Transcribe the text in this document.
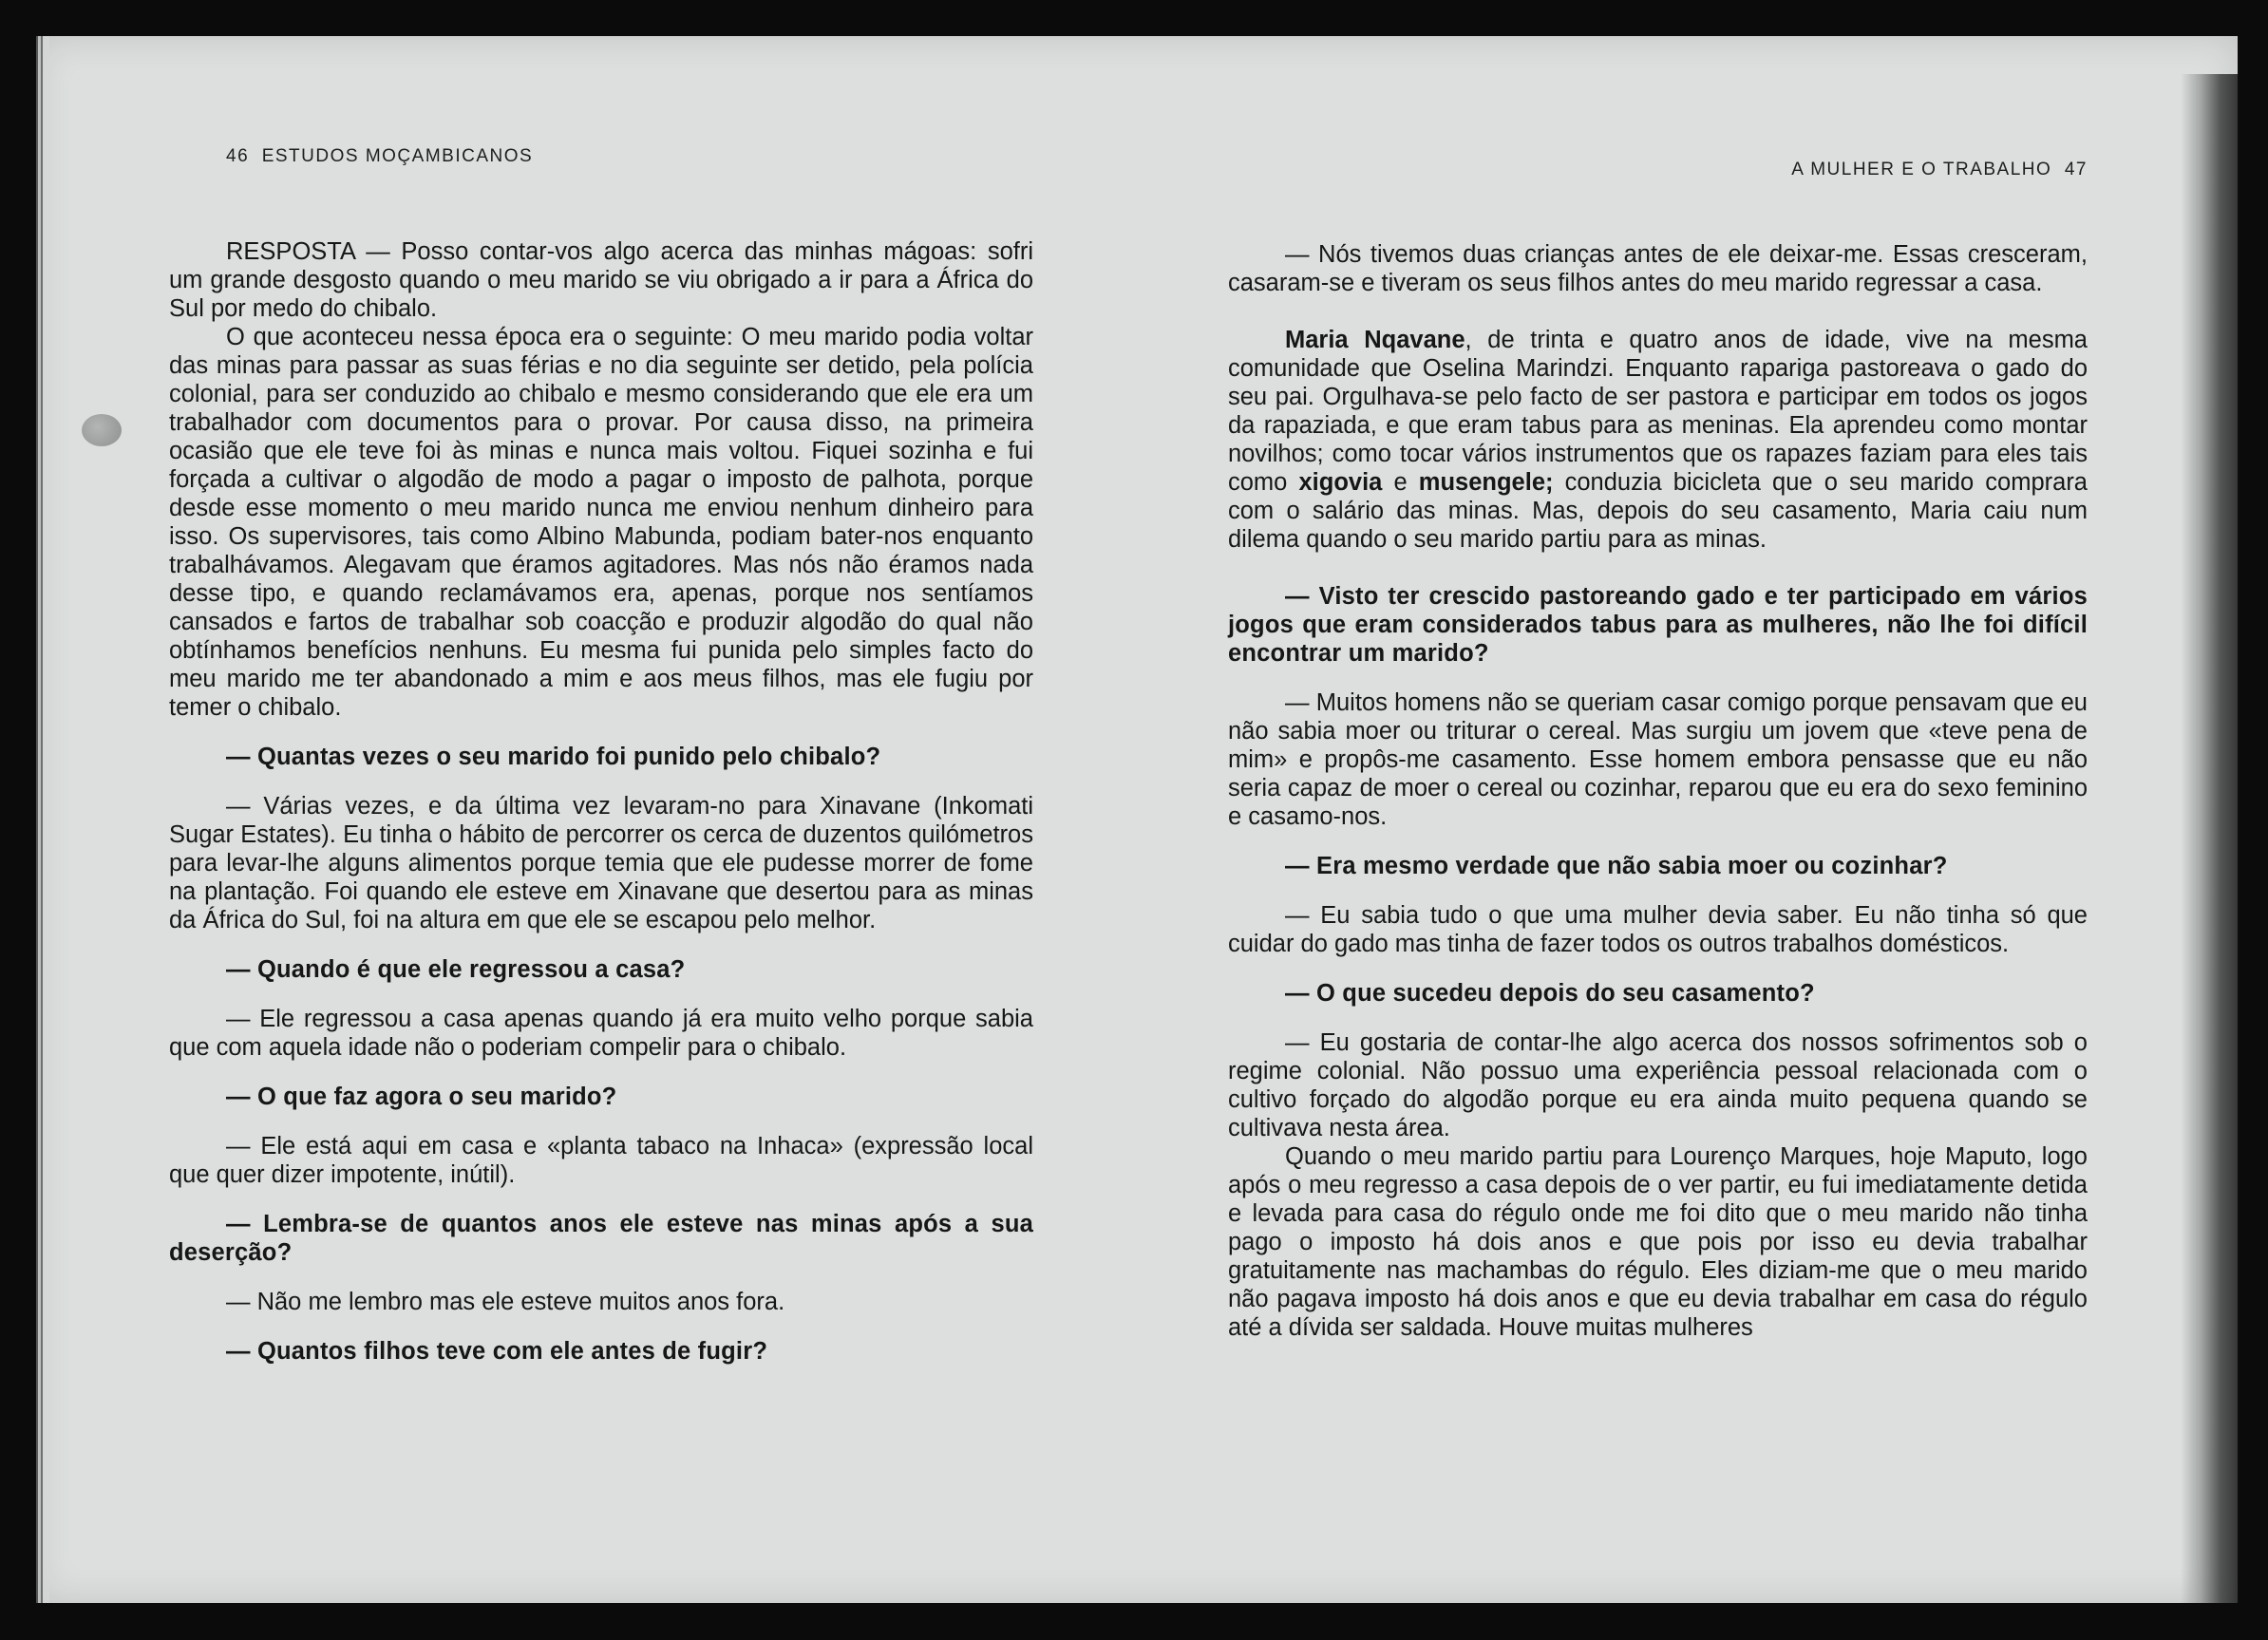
46 ESTUDOS MOÇAMBICANOS

RESPOSTA — Posso contar-vos algo acerca das minhas mágoas: sofri um grande desgosto quando o meu marido se viu obrigado a ir para a África do Sul por medo do chibalo.

O que aconteceu nessa época era o seguinte: O meu marido podia voltar das minas para passar as suas férias e no dia seguinte ser detido, pela polícia colonial, para ser conduzido ao chibalo e mesmo considerando que ele era um trabalhador com documentos para o provar. Por causa disso, na primeira ocasião que ele teve foi às minas e nunca mais voltou. Fiquei sozinha e fui forçada a cultivar o algodão de modo a pagar o imposto de palhota, porque desde esse momento o meu marido nunca me enviou nenhum dinheiro para isso. Os supervisores, tais como Albino Mabunda, podiam bater-nos enquanto trabalhávamos. Alegavam que éramos agitadores. Mas nós não éramos nada desse tipo, e quando reclamávamos era, apenas, porque nos sentíamos cansados e fartos de trabalhar sob coacção e produzir algodão do qual não obtínhamos benefícios nenhuns. Eu mesma fui punida pelo simples facto do meu marido me ter abandonado a mim e aos meus filhos, mas ele fugiu por temer o chibalo.

— Quantas vezes o seu marido foi punido pelo chibalo?

— Várias vezes, e da última vez levaram-no para Xinavane (Inkomati Sugar Estates). Eu tinha o hábito de percorrer os cerca de duzentos quilómetros para levar-lhe alguns alimentos porque temia que ele pudesse morrer de fome na plantação. Foi quando ele esteve em Xinavane que desertou para as minas da África do Sul, foi na altura em que ele se escapou pelo melhor.

— Quando é que ele regressou a casa?

— Ele regressou a casa apenas quando já era muito velho porque sabia que com aquela idade não o poderiam compelir para o chibalo.

— O que faz agora o seu marido?

— Ele está aqui em casa e «planta tabaco na Inhaca» (expressão local que quer dizer impotente, inútil).

— Lembra-se de quantos anos ele esteve nas minas após a sua deserção?

— Não me lembro mas ele esteve muitos anos fora.

— Quantos filhos teve com ele antes de fugir?

A MULHER E O TRABALHO 47

— Nós tivemos duas crianças antes de ele deixar-me. Essas cresceram, casaram-se e tiveram os seus filhos antes do meu marido regressar a casa.

Maria Nqavane, de trinta e quatro anos de idade, vive na mesma comunidade que Oselina Marindzi. Enquanto rapariga pastoreava o gado do seu pai. Orgulhava-se pelo facto de ser pastora e participar em todos os jogos da rapaziada, e que eram tabus para as meninas. Ela aprendeu como montar novilhos; como tocar vários instrumentos que os rapazes faziam para eles tais como xigovia e musengele; conduzia bicicleta que o seu marido comprara com o salário das minas. Mas, depois do seu casamento, Maria caiu num dilema quando o seu marido partiu para as minas.

— Visto ter crescido pastoreando gado e ter participado em vários jogos que eram considerados tabus para as mulheres, não lhe foi difícil encontrar um marido?

— Muitos homens não se queriam casar comigo porque pensavam que eu não sabia moer ou triturar o cereal. Mas surgiu um jovem que «teve pena de mim» e propôs-me casamento. Esse homem embora pensasse que eu não seria capaz de moer o cereal ou cozinhar, reparou que eu era do sexo feminino e casamo-nos.

— Era mesmo verdade que não sabia moer ou cozinhar?

— Eu sabia tudo o que uma mulher devia saber. Eu não tinha só que cuidar do gado mas tinha de fazer todos os outros trabalhos domésticos.

— O que sucedeu depois do seu casamento?

— Eu gostaria de contar-lhe algo acerca dos nossos sofrimentos sob o regime colonial. Não possuo uma experiência pessoal relacionada com o cultivo forçado do algodão porque eu era ainda muito pequena quando se cultivava nesta área.

Quando o meu marido partiu para Lourenço Marques, hoje Maputo, logo após o meu regresso a casa depois de o ver partir, eu fui imediatamente detida e levada para casa do régulo onde me foi dito que o meu marido não tinha pago o imposto há dois anos e que pois por isso eu devia trabalhar gratuitamente nas machambas do régulo. Eles diziam-me que o meu marido não pagava imposto há dois anos e que eu devia trabalhar em casa do régulo até a dívida ser saldada. Houve muitas mulheres
